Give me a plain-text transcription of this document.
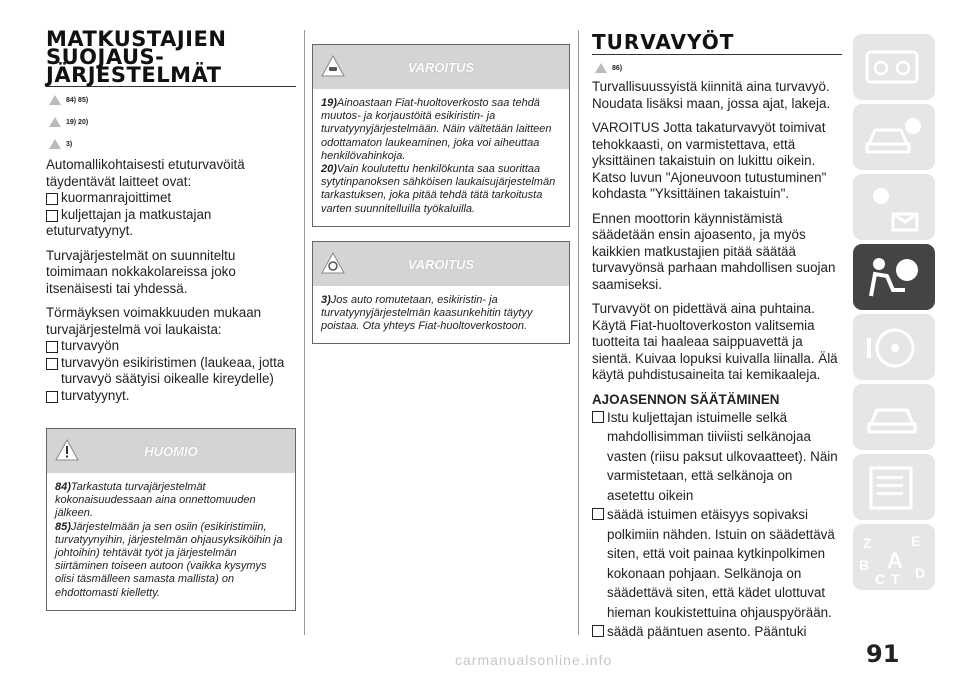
MATKUSTAJIEN
SUOJAUS-
JÄRJESTELMÄT
84) 85)
19) 20)
3)

Automallikohtaisesti etuturvavöitä täydentävät laitteet ovat:

kuormanrajoittimet
kuljettajan ja matkustajan

etuturvatyynyt.

Turvajärjestelmät on suunniteltu toimimaan nokkakolareissa joko itsenäisesti tai yhdessä.

Törmäyksen voimakkuuden mukaan turvajärjestelmä voi laukaista:

turvavyön
turvavyön esikiristimen (laukeaa, jotta turvavyö säätyisi oikealle kireydelle)
turvatyynyt.
HUOMIO
84)Tarkastuta turvajärjestelmät kokonaisuudessaan aina onnettomuuden jälkeen.
85)Järjestelmään ja sen osiin (esikiristimiin, turvatyynyihin, järjestelmän ohjausyksiköihin ja johtoihin) tehtävät työt ja järjestelmän siirtäminen toiseen autoon (vaikka kysymys olisi täsmälleen samasta mallista) on ehdottomasti kielletty.
VAROITUS
19)Ainoastaan Fiat-huoltoverkosto saa tehdä muutos- ja korjaustöitä esikiristin- ja turvatyynyjärjestelmään. Näin vältetään laitteen odottamaton laukeaminen, joka voi aiheuttaa henkilövahinkoja.
20)Vain koulutettu henkilökunta saa suorittaa sytytinpanoksen sähköisen laukaisujärjestelmän tarkastuksen, joka pitää tehdä tätä tarkoitusta varten suunnitelluilla työkaluilla.
VAROITUS
3)Jos auto romutetaan, esikiristin- ja turvatyynyjärjestelmän kaasunkehitin täytyy poistaa. Ota yhteys Fiat-huoltoverkostoon.
TURVAVYÖT
86)

Turvallisuussyistä kiinnitä aina turvavyö. Noudata lisäksi maan, jossa ajat, lakeja.

VAROITUS Jotta takaturvavyöt toimivat tehokkaasti, on varmistettava, että yksittäinen takaistuin on lukittu oikein. Katso luvun "Ajoneuvoon tutustuminen" kohdasta "Yksittäinen takaistuin".

Ennen moottorin käynnistämistä säädetään ensin ajoasento, ja myös kaikkien matkustajien pitää säätää turvavyönsä parhaan mahdollisen suojan saamiseksi.

Turvavyöt on pidettävä aina puhtaina. Käytä Fiat-huoltoverkoston valitsemia tuotteita tai haaleaa saippuavettä ja sientä. Kuivaa lopuksi kuivalla liinalla. Älä käytä puhdistusaineita tai kemikaaleja.

AJOASENNON SÄÄTÄMINEN
Istu kuljettajan istuimelle selkä mahdollisimman tiiviisti selkänojaa vasten (riisu paksut ulkovaatteet). Näin varmistetaan, että selkänoja on asetettu oikein
säädä istuimen etäisyys sopivaksi polkimiin nähden. Istuin on säädettävä siten, että voit painaa kytkinpolkimen kokonaan pohjaan. Selkänoja on säädettävä siten, että kädet ulottuvat hieman koukistettuina ohjauspyörään.
säädä pääntuen asento. Pääntuki
Z	E
B A
C T D
91
carmanualsonline.info
